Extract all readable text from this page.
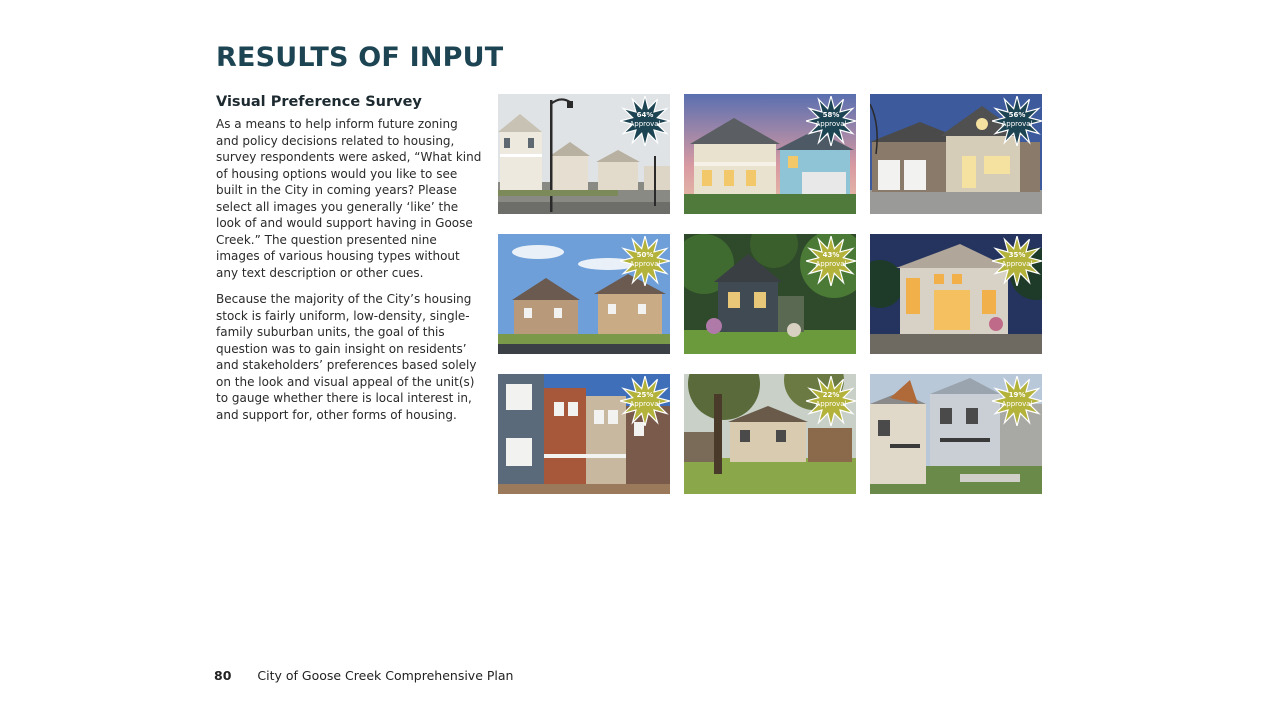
RESULTS OF INPUT
Visual Preference Survey

As a means to help inform future zoning and policy decisions related to housing, survey respondents were asked, “What kind of housing options would you like to see built in the City in coming years? Please select all images you generally ‘like’ the look of and would support having in Goose Creek.” The question presented nine images of various housing types without any text description or other cues.

Because the majority of the City’s housing stock is fairly uniform, low-density, single-family suburban units, the goal of this question was to gain insight on residents’ and stakeholders’ preferences based solely on the look and visual appeal of the unit(s) to gauge whether there is local interest in, and support for, other forms of housing.

64%
Approval
58%
Approval
56%
Approval
50%
Approval
43%
Approval
35%
Approval
25%
Approval
22%
Approval
19%
Approval
80 City of Goose Creek Comprehensive Plan
